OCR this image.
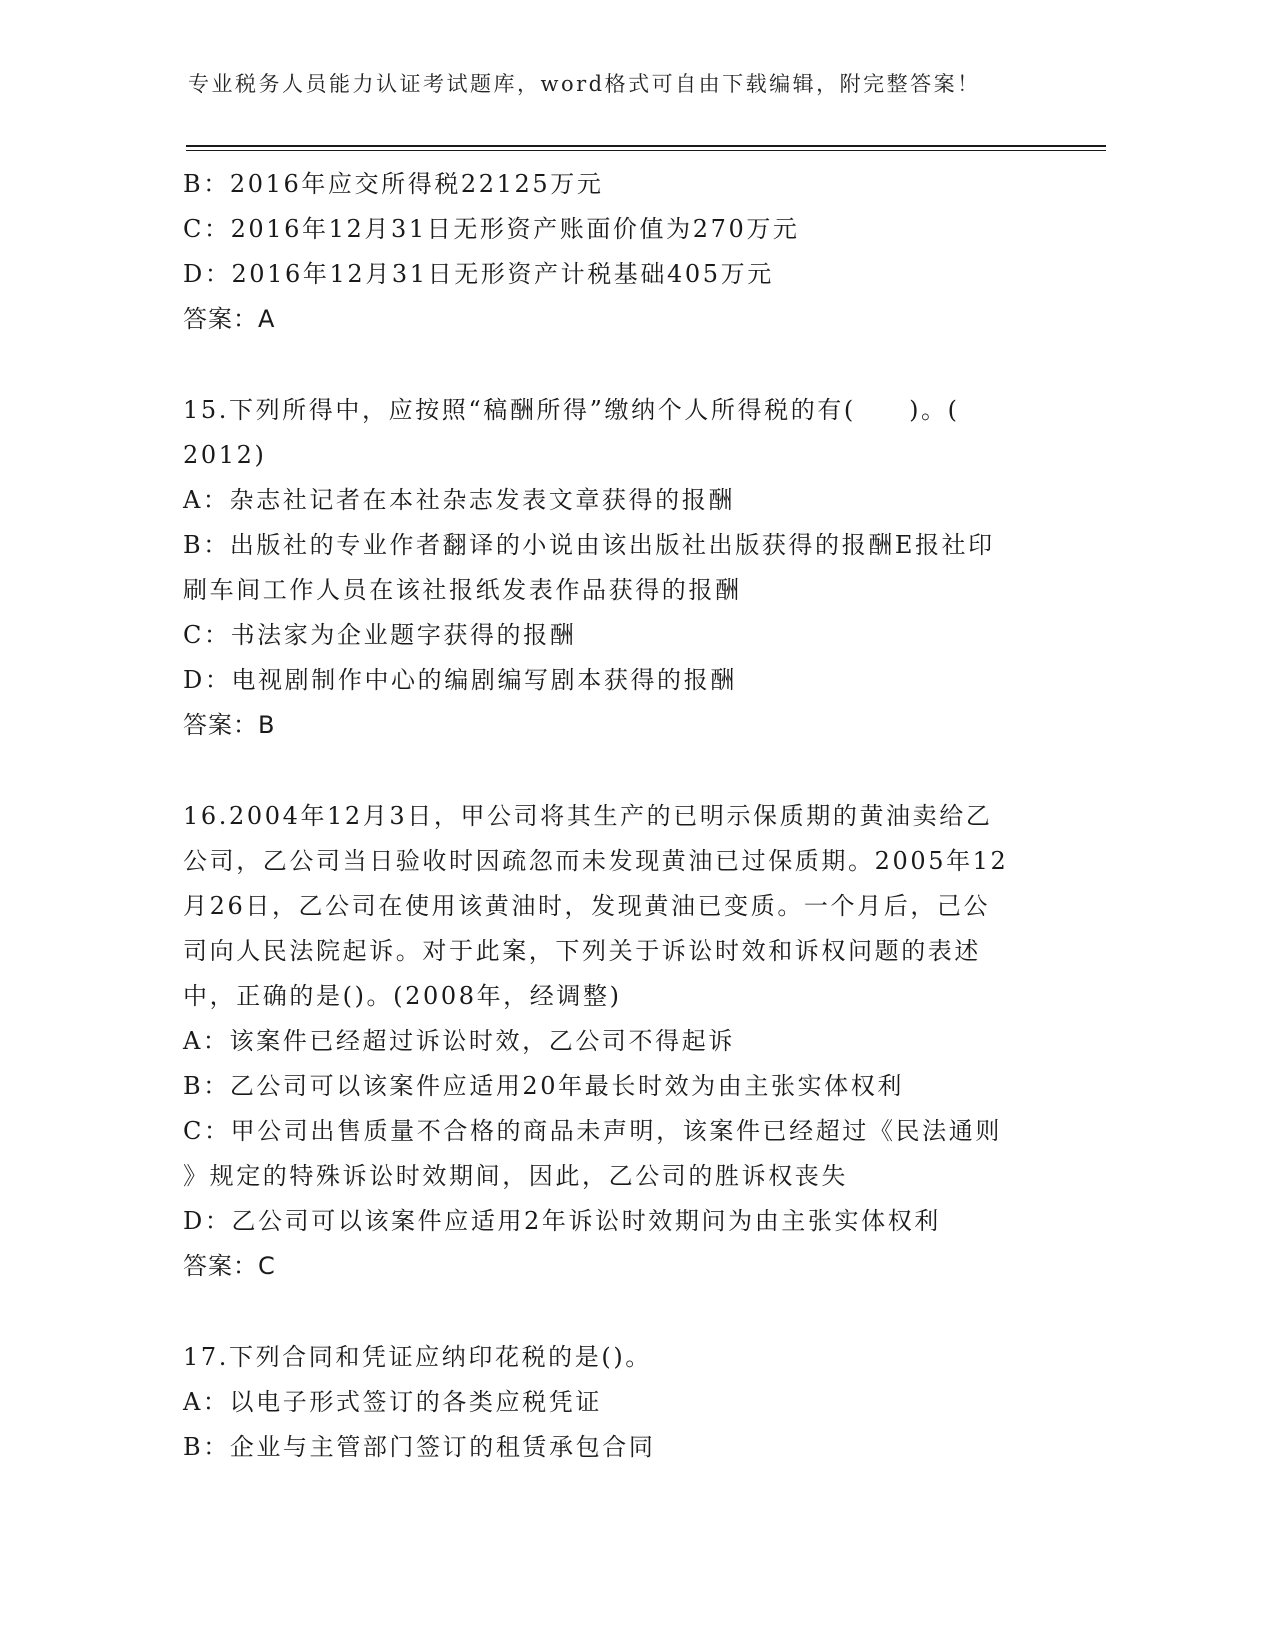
专业税务人员能力认证考试题库，word格式可自由下载编辑，附完整答案！
B：2016年应交所得税22125万元
C：2016年12月31日无形资产账面价值为270万元
D：2016年12月31日无形资产计税基础405万元
答案：A
15.下列所得中，应按照“稿酬所得”缴纳个人所得税的有(　　)。(
2012)
A：杂志社记者在本社杂志发表文章获得的报酬
B：出版社的专业作者翻译的小说由该出版社出版获得的报酬E报社印
刷车间工作人员在该社报纸发表作品获得的报酬
C：书法家为企业题字获得的报酬
D：电视剧制作中心的编剧编写剧本获得的报酬
答案：B
16.2004年12月3日，甲公司将其生产的已明示保质期的黄油卖给乙
公司，乙公司当日验收时因疏忽而未发现黄油已过保质期。2005年12
月26日，乙公司在使用该黄油时，发现黄油已变质。一个月后，己公
司向人民法院起诉。对于此案，下列关于诉讼时效和诉权问题的表述
中，正确的是()。(2008年，经调整)
A：该案件已经超过诉讼时效，乙公司不得起诉
B：乙公司可以该案件应适用20年最长时效为由主张实体权利
C：甲公司出售质量不合格的商品未声明，该案件已经超过《民法通则
》规定的特殊诉讼时效期间，因此，乙公司的胜诉权丧失
D：乙公司可以该案件应适用2年诉讼时效期问为由主张实体权利
答案：C
17.下列合同和凭证应纳印花税的是()。
A：以电子形式签订的各类应税凭证
B：企业与主管部门签订的租赁承包合同
